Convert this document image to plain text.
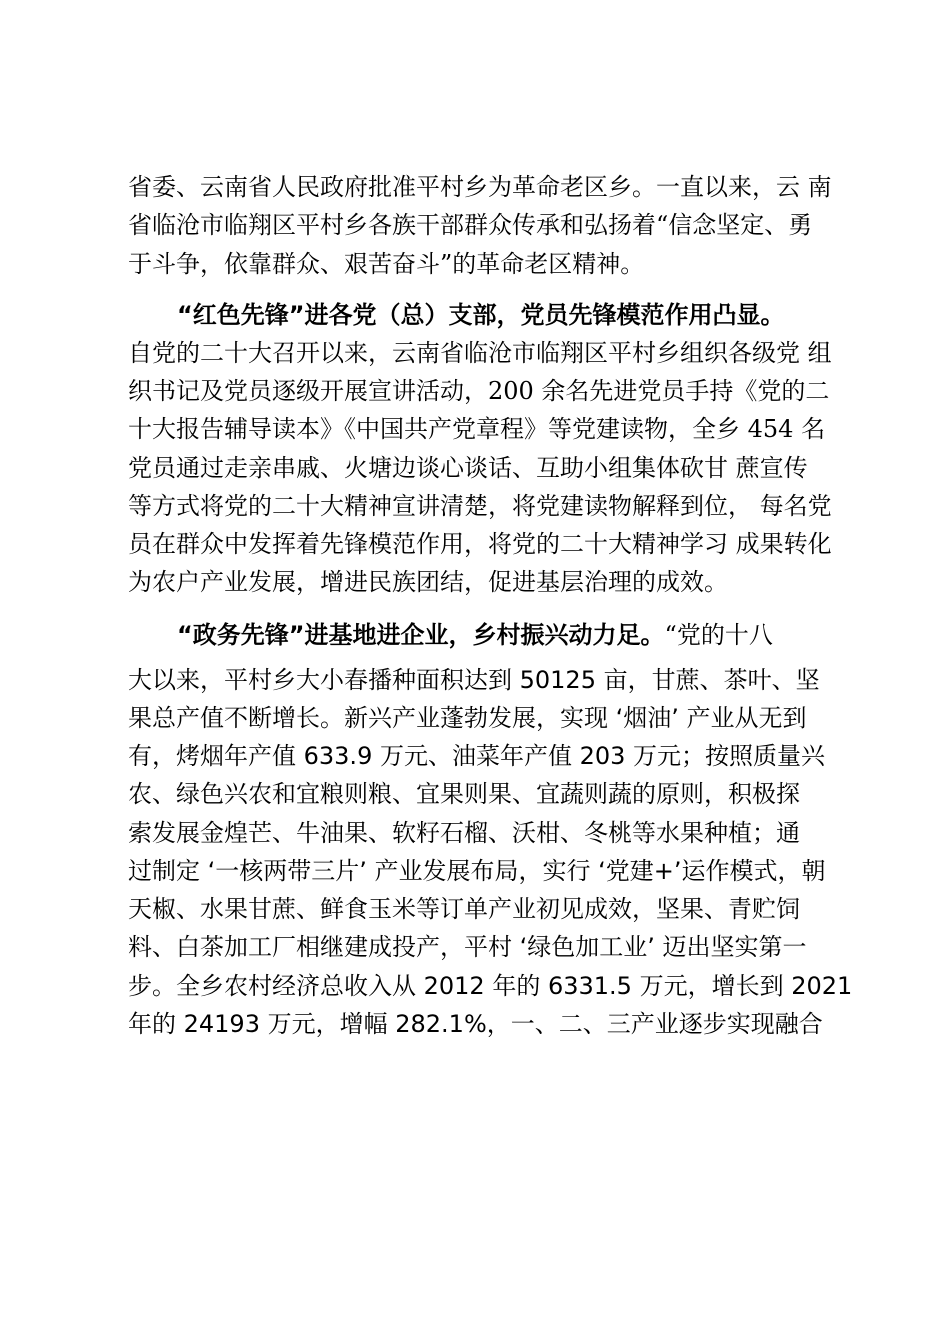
省委、云南省人民政府批准平村乡为革命老区乡。一直以来，云 南
省临沧市临翔区平村乡各族干部群众传承和弘扬着“信念坚定、勇
于斗争，依靠群众、艰苦奋斗”的革命老区精神。
“红色先锋”进各党（总）支部，党员先锋模范作用凸显。
自党的二十大召开以来，云南省临沧市临翔区平村乡组织各级党 组
织书记及党员逐级开展宣讲活动，200 余名先进党员手持《党的二
十大报告辅导读本》《中国共产党章程》等党建读物，全乡 454 名
党员通过走亲串戚、火塘边谈心谈话、互助小组集体砍甘 蔗宣传
等方式将党的二十大精神宣讲清楚，将党建读物解释到位， 每名党
员在群众中发挥着先锋模范作用，将党的二十大精神学习 成果转化
为农户产业发展，增进民族团结，促进基层治理的成效。
“政务先锋”进基地进企业，乡村振兴动力足。“党的十八
大以来，平村乡大小春播种面积达到 50125 亩，甘蔗、茶叶、坚
果总产值不断增长。新兴产业蓬勃发展，实现 ‘烟油’ 产业从无到
有，烤烟年产值 633.9 万元、油菜年产值 203 万元；按照质量兴
农、绿色兴农和宜粮则粮、宜果则果、宜蔬则蔬的原则，积极探
索发展金煌芒、牛油果、软籽石榴、沃柑、冬桃等水果种植；通
过制定 ‘一核两带三片’ 产业发展布局，实行 ‘党建+’运作模式，朝
天椒、水果甘蔗、鲜食玉米等订单产业初见成效，坚果、青贮饲
料、白茶加工厂相继建成投产，平村 ‘绿色加工业’ 迈出坚实第一
步。全乡农村经济总收入从 2012 年的 6331.5 万元，增长到 2021
年的 24193 万元，增幅 282.1%，一、二、三产业逐步实现融合
